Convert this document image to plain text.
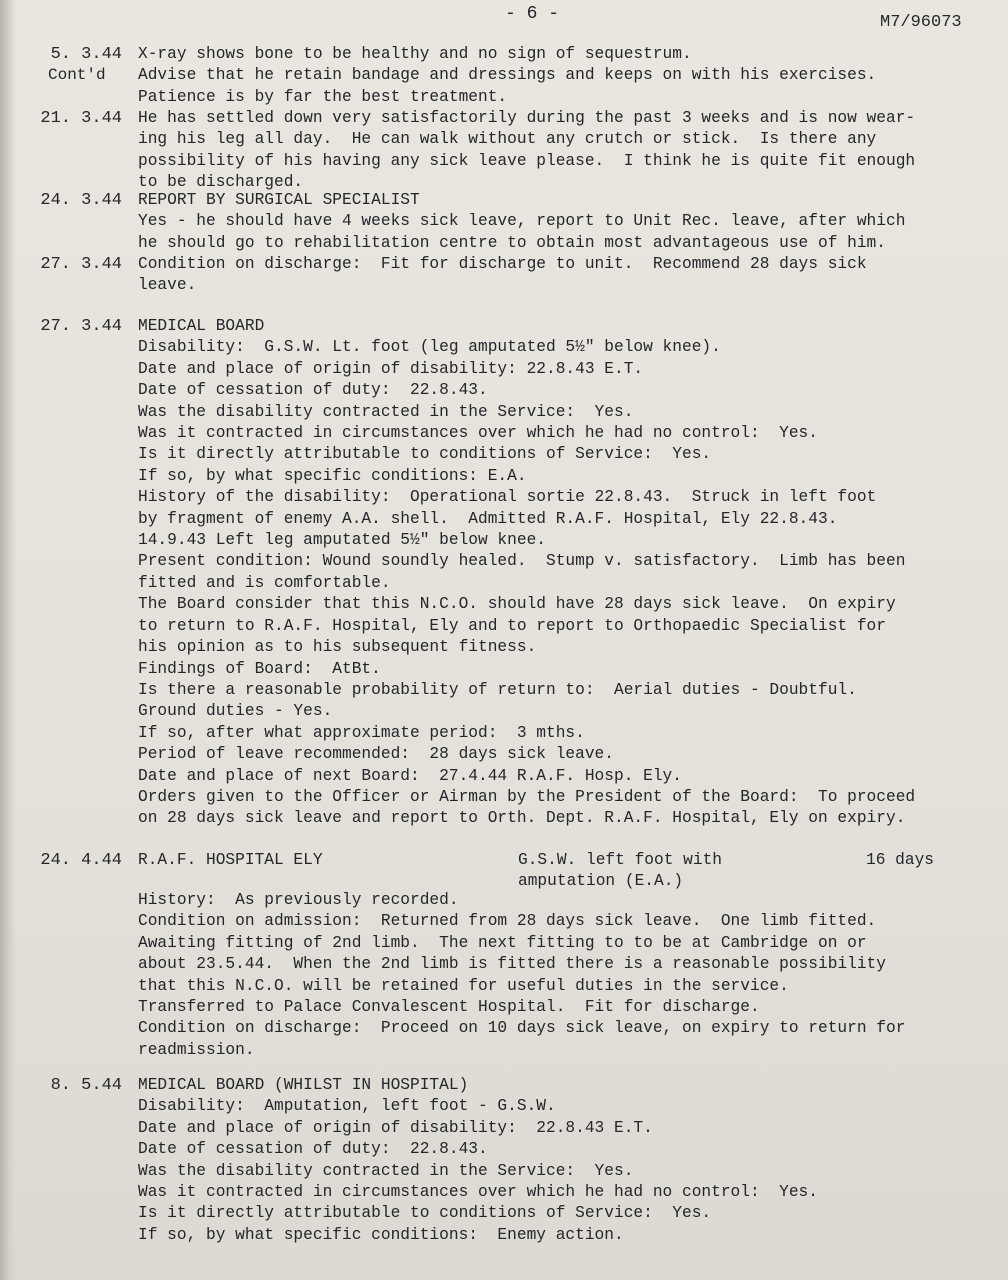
- 6 -	M7/96073
5. 3.44
Cont'd
X-ray shows bone to be healthy and no sign of sequestrum.
Advise that he retain bandage and dressings and keeps on with his exercises.
Patience is by far the best treatment.
21. 3.44 He has settled down very satisfactorily during the past 3 weeks and is now wear-
ing his leg all day.  He can walk without any crutch or stick.  Is there any
possibility of his having any sick leave please.  I think he is quite fit enough
to be discharged.
24. 3.44 REPORT BY SURGICAL SPECIALIST
Yes - he should have 4 weeks sick leave, report to Unit Rec. leave, after which
he should go to rehabilitation centre to obtain most advantageous use of him.
27. 3.44 Condition on discharge:  Fit for discharge to unit.  Recommend 28 days sick
leave.
27. 3.44 MEDICAL BOARD
Disability:  G.S.W. Lt. foot (leg amputated 5½" below knee).
Date and place of origin of disability: 22.8.43 E.T.
Date of cessation of duty:  22.8.43.
Was the disability contracted in the Service:  Yes.
Was it contracted in circumstances over which he had no control:  Yes.
Is it directly attributable to conditions of Service:  Yes.
If so, by what specific conditions: E.A.
History of the disability:  Operational sortie 22.8.43.  Struck in left foot
by fragment of enemy A.A. shell.  Admitted R.A.F. Hospital, Ely 22.8.43.
14.9.43 Left leg amputated 5½" below knee.
Present condition: Wound soundly healed.  Stump v. satisfactory.  Limb has been
fitted and is comfortable.
The Board consider that this N.C.O. should have 28 days sick leave.  On expiry
to return to R.A.F. Hospital, Ely and to report to Orthopaedic Specialist for
his opinion as to his subsequent fitness.
Findings of Board:  AtBt.
Is there a reasonable probability of return to:  Aerial duties - Doubtful.
Ground duties - Yes.
If so, after what approximate period:  3 mths.
Period of leave recommended:  28 days sick leave.
Date and place of next Board:  27.4.44 R.A.F. Hosp. Ely.
Orders given to the Officer or Airman by the President of the Board:  To proceed
on 28 days sick leave and report to Orth. Dept. R.A.F. Hospital, Ely on expiry.
24. 4.44 R.A.F. HOSPITAL ELY	G.S.W. left foot with
amputation (E.A.)
16 days
History:  As previously recorded.
Condition on admission:  Returned from 28 days sick leave.  One limb fitted.
Awaiting fitting of 2nd limb.  The next fitting to to be at Cambridge on or
about 23.5.44.  When the 2nd limb is fitted there is a reasonable possibility
that this N.C.O. will be retained for useful duties in the service.
Transferred to Palace Convalescent Hospital.  Fit for discharge.
Condition on discharge:  Proceed on 10 days sick leave, on expiry to return for
readmission.
8. 5.44 MEDICAL BOARD (WHILST IN HOSPITAL)
Disability:  Amputation, left foot - G.S.W.
Date and place of origin of disability:  22.8.43 E.T.
Date of cessation of duty:  22.8.43.
Was the disability contracted in the Service:  Yes.
Was it contracted in circumstances over which he had no control:  Yes.
Is it directly attributable to conditions of Service:  Yes.
If so, by what specific conditions:  Enemy action.
